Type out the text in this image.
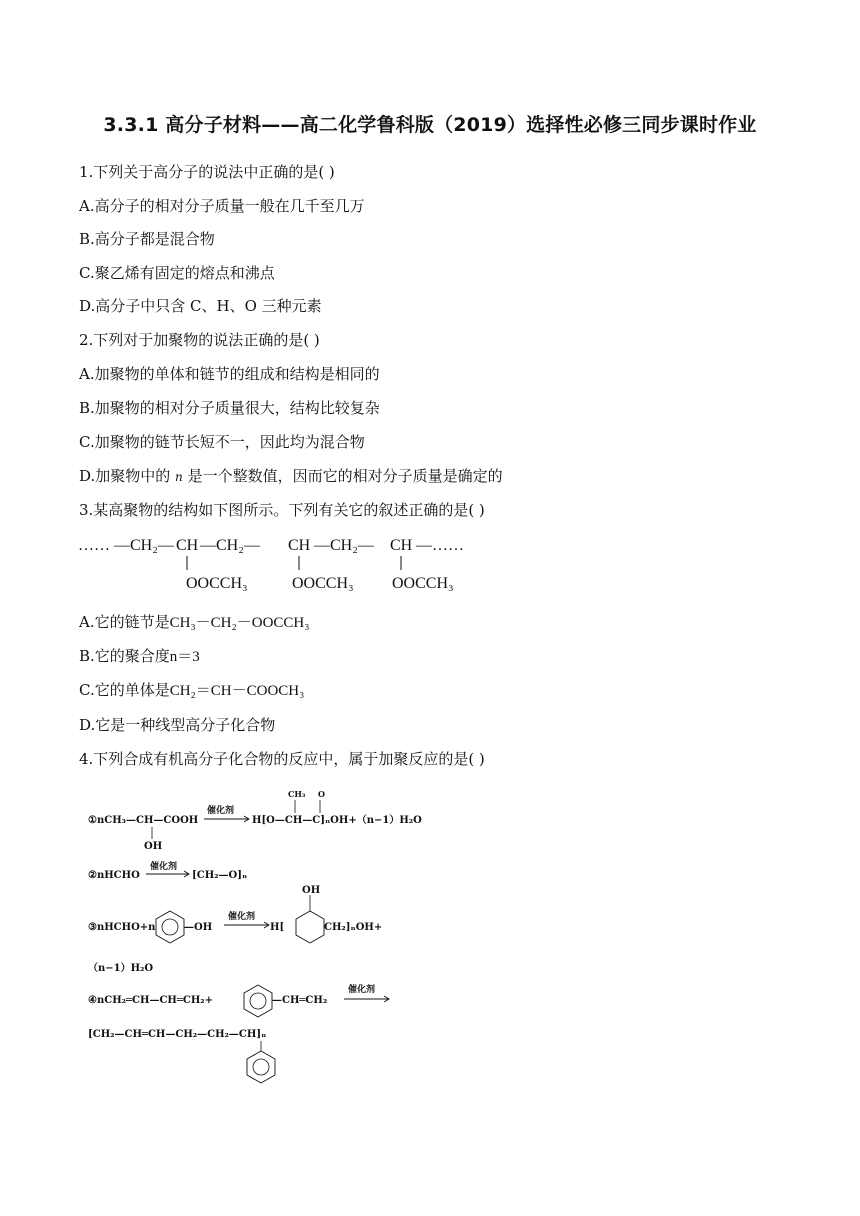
3.3.1 高分子材料——高二化学鲁科版（2019）选择性必修三同步课时作业
1.下列关于高分子的说法中正确的是( )
A.高分子的相对分子质量一般在几千至几万
B.高分子都是混合物
C.聚乙烯有固定的熔点和沸点
D.高分子中只含 C、H、O 三种元素
2.下列对于加聚物的说法正确的是( )
A.加聚物的单体和链节的组成和结构是相同的
B.加聚物的相对分子质量很大，结构比较复杂
C.加聚物的链节长短不一，因此均为混合物
D.加聚物中的 n 是一个整数值，因而它的相对分子质量是确定的
3.某高聚物的结构如下图所示。下列有关它的叙述正确的是( )
…… —CH₂— CH —CH₂— CH —CH₂— CH —……
OOCCH₃	OOCCH₃ OOCCH₃
A.它的链节是CH₃－CH₂－OOCCH₃
B.它的聚合度n＝3
C.它的单体是CH₂＝CH－COOCH₃
D.它是一种线型高分子化合物
4.下列合成有机高分子化合物的反应中，属于加聚反应的是( )
①nCH₃—CH—COOH
OH
催化剂
CH₃ O
H[O—CH—C]ₙOH+（n−1）H₂O
②nHCHO
催化剂
[CH₂—O]ₙ
③nHCHO+n	—OH
催化剂
H[
OH
CH₂]ₙOH+
（n−1）H₂O
④nCH₂═CH—CH═CH₂+	—CH═CH₂
催化剂
[CH₂—CH═CH—CH₂—CH₂—CH]ₙ
